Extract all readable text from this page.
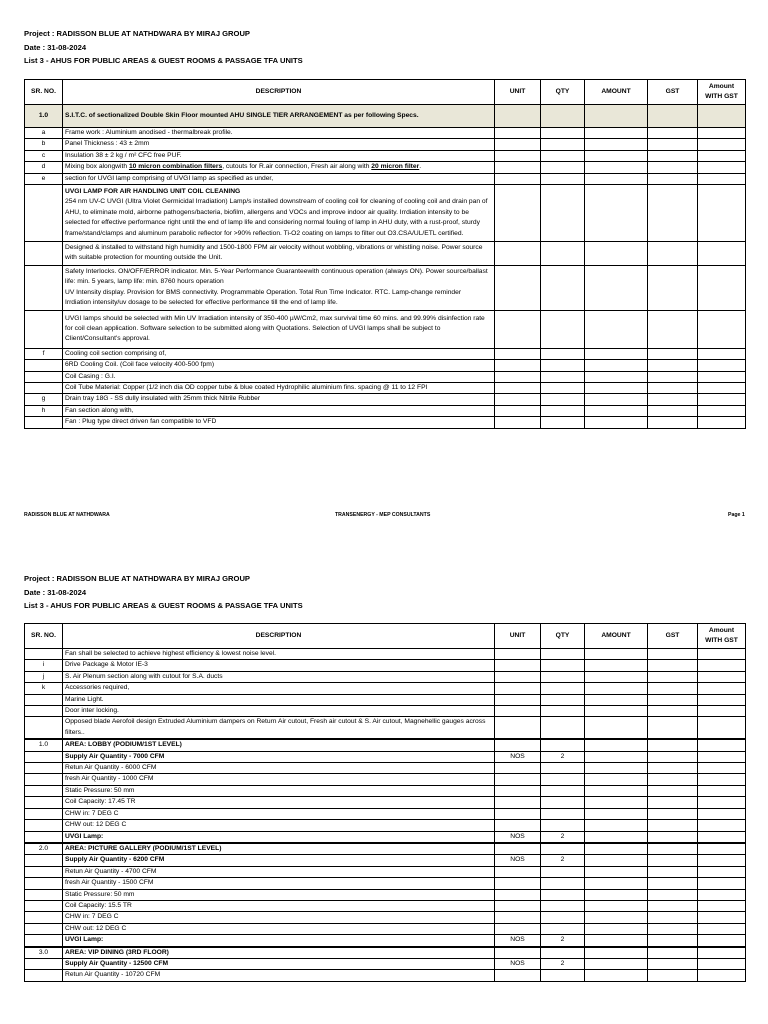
Project : RADISSON BLUE AT NATHDWARA BY MIRAJ GROUP
Date : 31-08-2024
List 3 - AHUS FOR PUBLIC AREAS & GUEST ROOMS & PASSAGE TFA UNITS
SR. NO.	DESCRIPTION	UNIT	QTY	AMOUNT	GST	Amount
WITH GST
1.0	S.I.T.C. of sectionalized Double Skin Floor mounted AHU SINGLE TIER ARRANGEMENT as per following Specs.					
a	Frame work : Aluminium anodised - thermalbreak profile.					
b	Panel Thickness : 43 ± 2mm					
c	Insulation 38 ± 2 kg / m² CFC free PUF.					
d	Mixing box alongwith 10 micron combination filters, cutouts for R.air connection, Fresh air along with 20 micron filter.					
e	section for UVGI lamp comprising of UVGI lamp as specified as under,					
	UVGI LAMP FOR AIR HANDLING UNIT COIL CLEANING
254 nm UV-C UVGI (Ultra Violet Germicidal Irradiation) Lamp/s installed downstream of cooling coil for cleaning of cooling coil and drain pan of AHU, to eliminate mold, airborne pathogens/bacteria, biofilm, allergens and VOCs and improve indoor air quality. Irrdiation intensity to be selected for effective performance right until the end of lamp life and considering normal fouling of lamp in AHU duty, with a rust-proof, sturdy frame/stand/clamps and aluminum parabolic reflector for >90% reflection. Ti-O2 coating on lamps to filter out O3.CSA/UL/ETL certified.					
	Designed & installed to withstand high humidity and 1500-1800 FPM air velocity without wobbling, vibrations or whistling noise. Power source with suitable protection for mounting outside the Unit.					
	Safety Interlocks. ON/OFF/ERROR indicator. Min. 5-Year Performance Guaranteewith continuous operation (always ON). Power source/ballast life: min. 5 years, lamp life: min. 8760 hours operation
UV Intensity display. Provision for BMS connectivity. Programmable Operation. Total Run Time Indicator. RTC. Lamp-change reminder
Irrdiation intensity/uv dosage to be selected for effective performance till the end of lamp life.					
	UVGI lamps should be selected with Min UV Irradiation intensity of 350-400 µW/Cm2, max survival time 60 mins. and 99.99% disinfection rate for coil clean application. Software selection to be submitted along with Quotations. Selection of UVGI lamps shall be subject to Client/Consultant's approval.					
f	Cooling coil section comprising of,					
	6RD Cooling Coil. (Coil face velocity 400-500 fpm)					
	Coil Casing : G.I.					
	Coil Tube Material: Copper (1/2 inch dia OD copper tube & blue coated Hydrophilic aluminium fins. spacing @ 11 to 12 FPI					
g	Drain tray 18G - SS dully insulated with 25mm thick Nitrile Rubber					
h	Fan section along with,					
	Fan : Plug type direct driven fan compatible to VFD					
RADISSON BLUE AT NATHDWARA	TRANSENERGY - MEP CONSULTANTS	Page 1
Project : RADISSON BLUE AT NATHDWARA BY MIRAJ GROUP
Date : 31-08-2024
List 3 - AHUS FOR PUBLIC AREAS & GUEST ROOMS & PASSAGE TFA UNITS
SR. NO.	DESCRIPTION	UNIT	QTY	AMOUNT	GST	Amount
WITH GST
	Fan shall be selected to achieve highest efficiency & lowest noise level.					
i	Drive Package & Motor IE-3					
j	S. Air Plenum section along with cutout for S.A. ducts					
k	Accessories required,					
	Marine Light.					
	Door inter locking.					
	Opposed blade Aerofoil design Extruded Aluminium dampers on Return Air cutout, Fresh air cutout & S. Air cutout, Magnehellic gauges across filters..					

1.0	AREA: LOBBY (PODIUM/1ST LEVEL)					
	Supply Air Quantity - 7000 CFM	NOS	2			
	Retun Air Quantity - 6000 CFM					
	fresh Air Quantity - 1000 CFM					
	Static Pressure: 50 mm					
	Coil Capacity: 17.45 TR					
	CHW in: 7 DEG C					
	CHW out: 12 DEG C					
	UVGI Lamp:	NOS	2			

2.0	AREA: PICTURE GALLERY (PODIUM/1ST LEVEL)					
	Supply Air Quantity - 6200 CFM	NOS	2			
	Retun Air Quantity - 4700 CFM					
	fresh Air Quantity - 1500 CFM					
	Static Pressure: 50 mm					
	Coil Capacity: 15.5 TR					
	CHW in: 7 DEG C					
	CHW out: 12 DEG C					
	UVGI Lamp:	NOS	2			

3.0	AREA: VIP DINING (3RD FLOOR)					
	Supply Air Quantity - 12500 CFM	NOS	2			
	Retun Air Quantity - 10720 CFM					
